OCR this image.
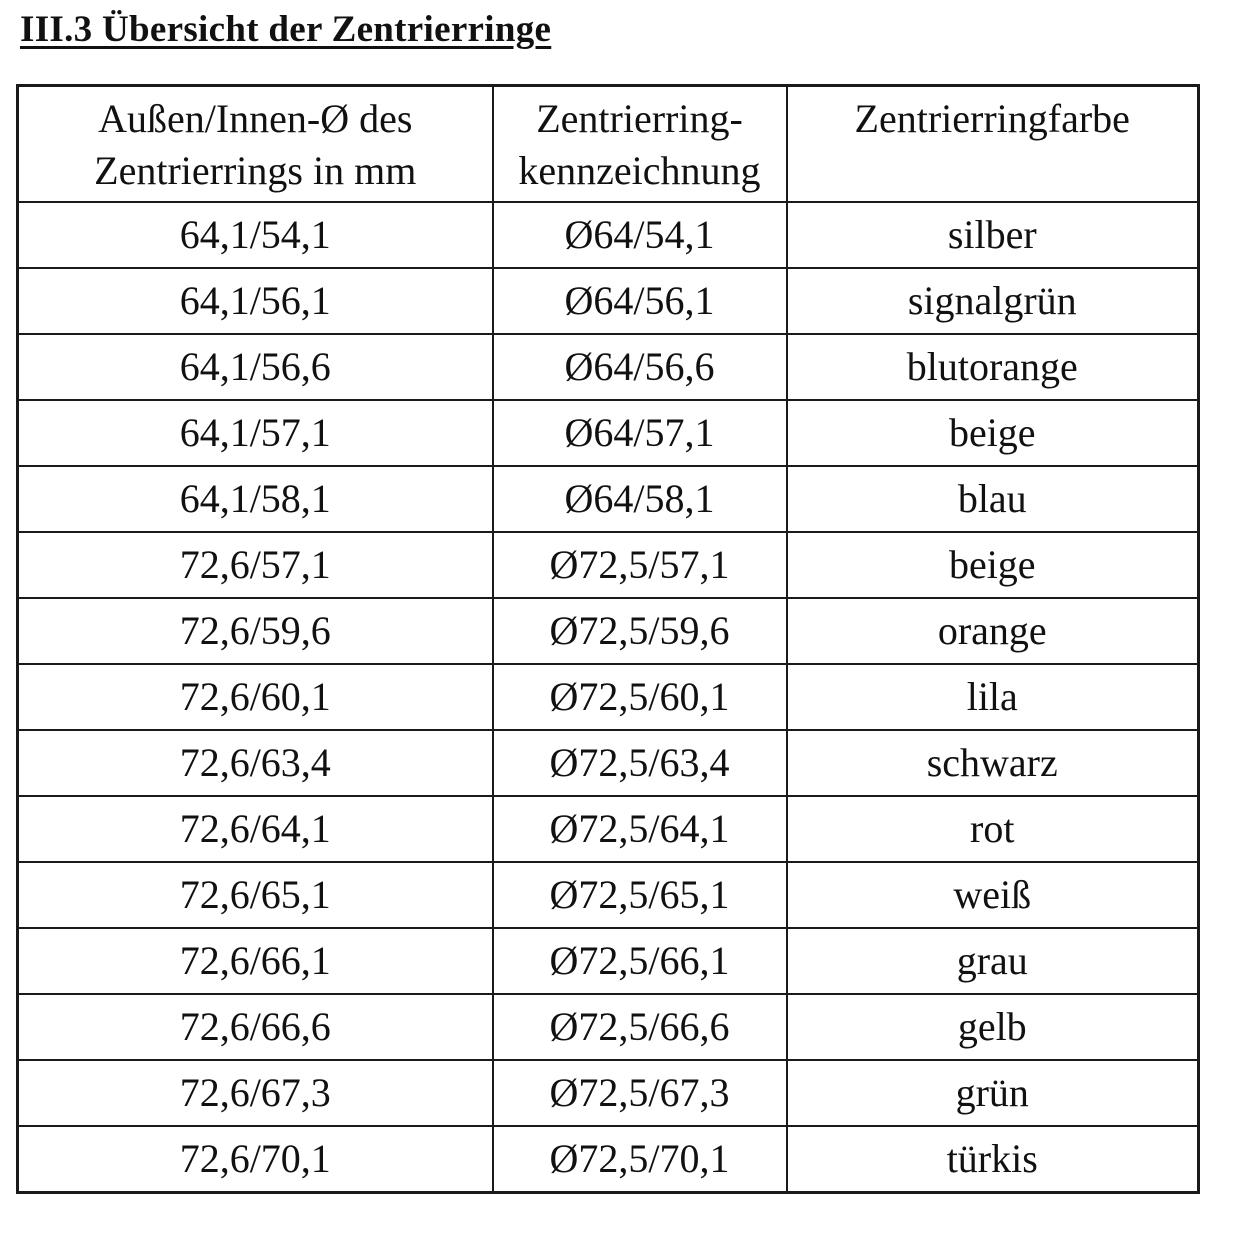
III.3 Übersicht der Zentrierringe
Außen/Innen-Ø des Zentrierrings in mm	Zentrierring-kennzeichnung	Zentrierringfarbe
64,1/54,1	Ø64/54,1	silber
64,1/56,1	Ø64/56,1	signalgrün
64,1/56,6	Ø64/56,6	blutorange
64,1/57,1	Ø64/57,1	beige
64,1/58,1	Ø64/58,1	blau
72,6/57,1	Ø72,5/57,1	beige
72,6/59,6	Ø72,5/59,6	orange
72,6/60,1	Ø72,5/60,1	lila
72,6/63,4	Ø72,5/63,4	schwarz
72,6/64,1	Ø72,5/64,1	rot
72,6/65,1	Ø72,5/65,1	weiß
72,6/66,1	Ø72,5/66,1	grau
72,6/66,6	Ø72,5/66,6	gelb
72,6/67,3	Ø72,5/67,3	grün
72,6/70,1	Ø72,5/70,1	türkis
